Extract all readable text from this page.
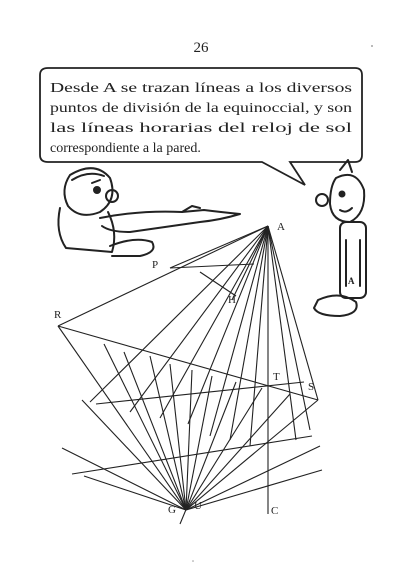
26
Desde A se trazan líneas a los diversos
puntos de división de la equinoccial, y son
las líneas horarias del reloj de sol
correspondiente a la pared.
A
A
P
H
R
T
S
G U	C
